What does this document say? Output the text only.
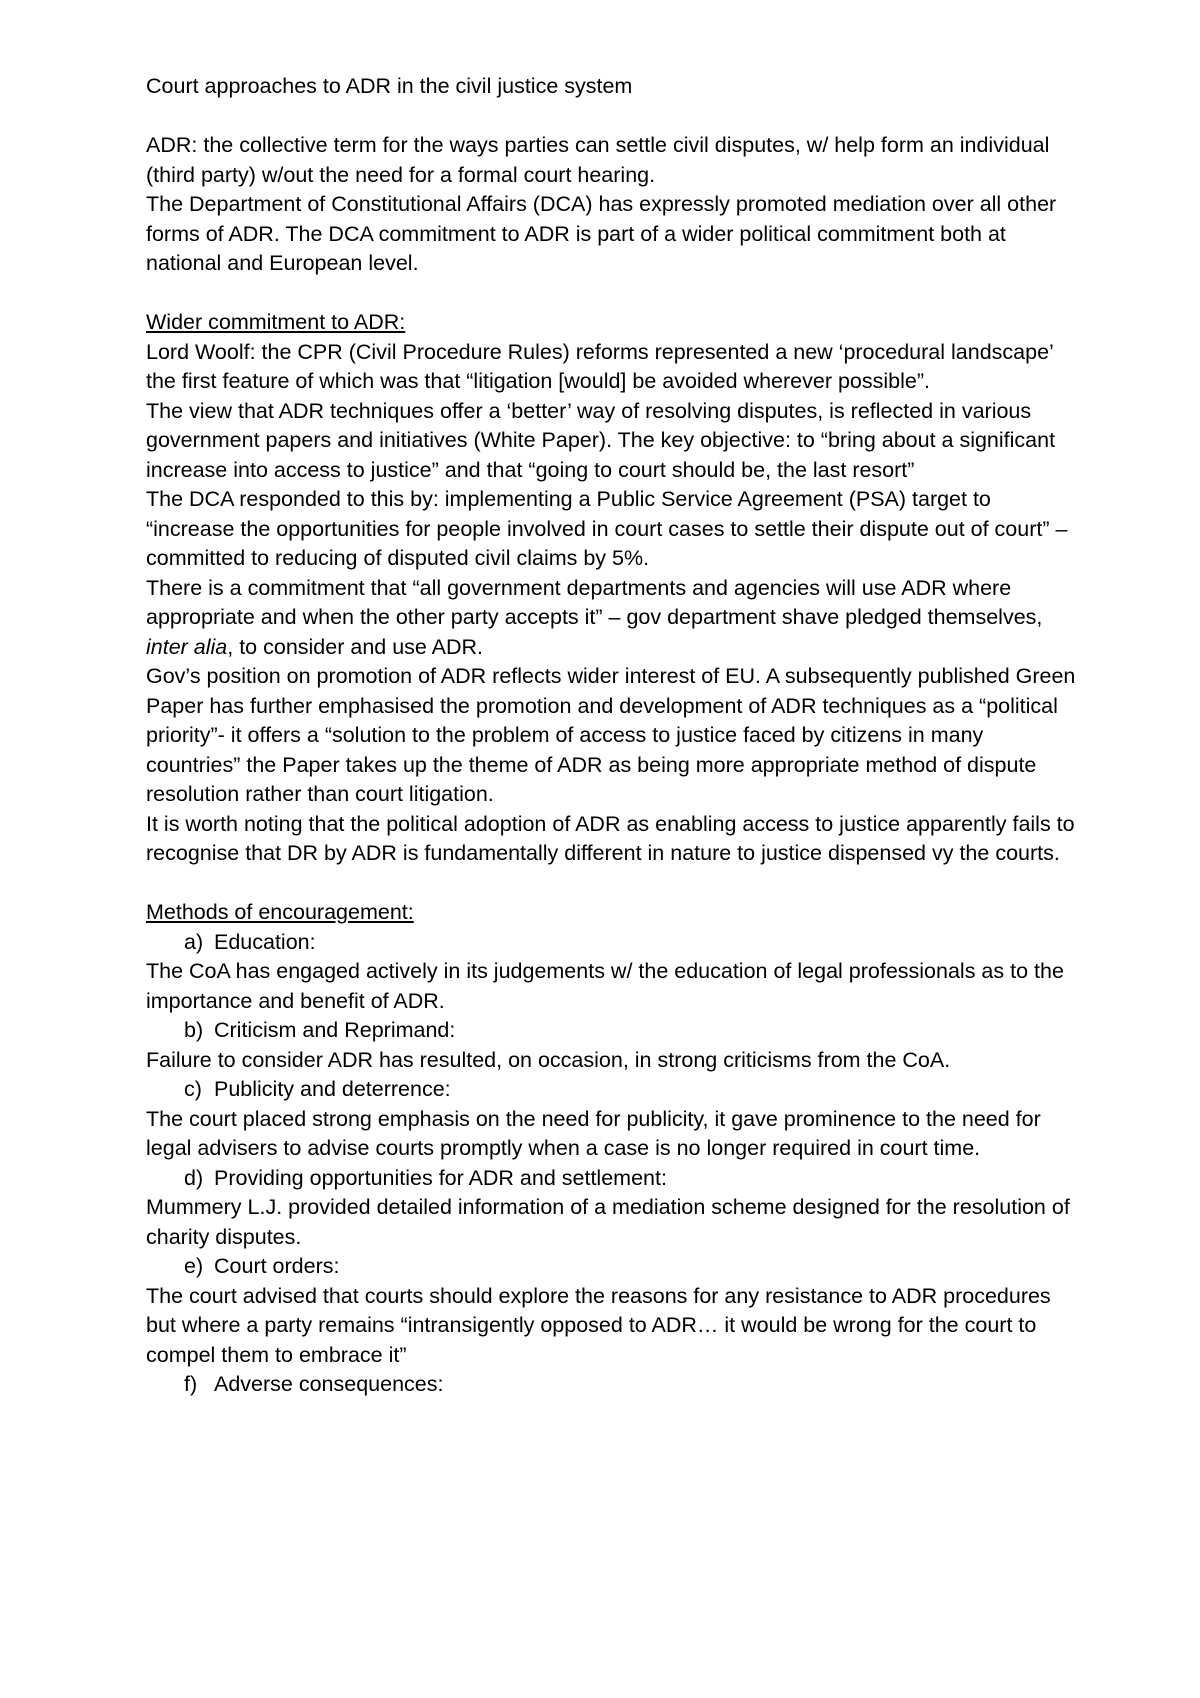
Court approaches to ADR in the civil justice system

ADR: the collective term for the ways parties can settle civil disputes, w/ help form an individual (third party) w/out the need for a formal court hearing.

The Department of Constitutional Affairs (DCA) has expressly promoted mediation over all other forms of ADR. The DCA commitment to ADR is part of a wider political commitment both at national and European level.

Wider commitment to ADR:

Lord Woolf: the CPR (Civil Procedure Rules) reforms represented a new ‘procedural landscape’ the first feature of which was that “litigation [would] be avoided wherever possible”.

The view that ADR techniques offer a ‘better’ way of resolving disputes, is reflected in various government papers and initiatives (White Paper). The key objective: to “bring about a significant increase into access to justice” and that “going to court should be, the last resort”

The DCA responded to this by: implementing a Public Service Agreement (PSA) target to “increase the opportunities for people involved in court cases to settle their dispute out of court” – committed to reducing of disputed civil claims by 5%.

There is a commitment that “all government departments and agencies will use ADR where appropriate and when the other party accepts it” – gov department shave pledged themselves, inter alia, to consider and use ADR.

Gov’s position on promotion of ADR reflects wider interest of EU. A subsequently published Green Paper has further emphasised the promotion and development of ADR techniques as a “political priority”- it offers a “solution to the problem of access to justice faced by citizens in many countries” the Paper takes up the theme of ADR as being more appropriate method of dispute resolution rather than court litigation.

It is worth noting that the political adoption of ADR as enabling access to justice apparently fails to recognise that DR by ADR is fundamentally different in nature to justice dispensed vy the courts.

Methods of encouragement:

a) Education:

The CoA has engaged actively in its judgements w/ the education of legal professionals as to the importance and benefit of ADR.

b) Criticism and Reprimand:

Failure to consider ADR has resulted, on occasion, in strong criticisms from the CoA.

c) Publicity and deterrence:

The court placed strong emphasis on the need for publicity, it gave prominence to the need for legal advisers to advise courts promptly when a case is no longer required in court time.

d) Providing opportunities for ADR and settlement:

Mummery L.J. provided detailed information of a mediation scheme designed for the resolution of charity disputes.

e) Court orders:

The court advised that courts should explore the reasons for any resistance to ADR procedures but where a party remains “intransigently opposed to ADR… it would be wrong for the court to compel them to embrace it”

f) Adverse consequences:
